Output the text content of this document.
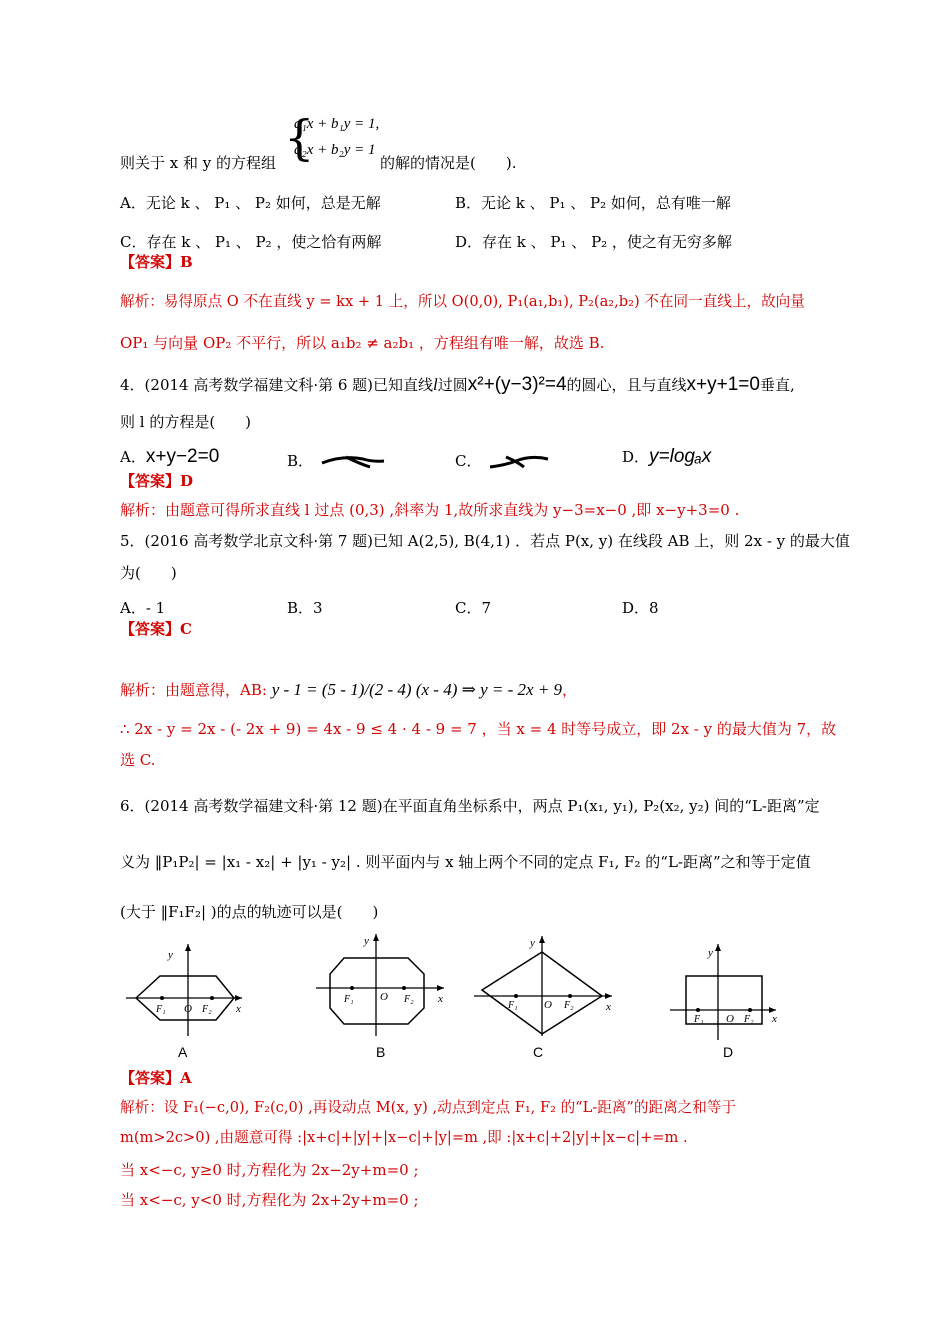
{
a₁x + b₁y = 1,
a₂x + b₂y = 1
则关于 x 和 y 的方程组	的解的情况是(　　).
A．无论 k 、 P₁ 、 P₂ 如何，总是无解	B．无论 k 、 P₁ 、 P₂ 如何，总有唯一解
C．存在 k 、 P₁ 、 P₂ ，使之恰有两解	D．存在 k 、 P₁ 、 P₂ ，使之有无穷多解
【答案】B
解析：易得原点 O 不在直线 y = kx + 1 上，所以 O(0,0), P₁(a₁,b₁), P₂(a₂,b₂) 不在同一直线上，故向量
OP₁ 与向量 OP₂ 不平行，所以 a₁b₂ ≠ a₂b₁ ，方程组有唯一解，故选 B.
4．(2014 高考数学福建文科·第 6 题)已知直线l过圆x²+(y−3)²=4的圆心，且与直线x+y+1=0垂直,
则 l 的方程是(　　)
A．x+y−2=0	B．	C．	D．y=logₐx
【答案】D
解析：由题意可得所求直线 l 过点 (0,3) ,斜率为 1,故所求直线为 y−3=x−0 ,即 x−y+3=0 .
5．(2016 高考数学北京文科·第 7 题)已知 A(2,5), B(4,1) ．若点 P(x, y) 在线段 AB 上，则 2x - y 的最大值
为(　　)
A．- 1	B．3	C．7	D．8
【答案】C
解析：由题意得，AB: y - 1 = (5 - 1)/(2 - 4) (x - 4) ⇒ y = - 2x + 9，
∴ 2x - y = 2x - (- 2x + 9) = 4x - 9 ≤ 4 · 4 - 9 = 7 ，当 x = 4 时等号成立，即 2x - y 的最大值为 7，故
选 C.
6．(2014 高考数学福建文科·第 12 题)在平面直角坐标系中，两点 P₁(x₁, y₁), P₂(x₂, y₂) 间的“L-距离”定
义为 ‖P₁P₂| = |x₁ - x₂| + |y₁ - y₂| . 则平面内与 x 轴上两个不同的定点 F₁, F₂ 的“L-距离”之和等于定值
(大于 ‖F₁F₂| )的点的轨迹可以是(　　)
y
x
O
F₁	F₂
A
y
x
O
F₁	F₂
B
y
x
O
F₁	F₂
C
y
x
O
F₁	F₂
D
【答案】A
解析：设 F₁(−c,0), F₂(c,0) ,再设动点 M(x, y) ,动点到定点 F₁, F₂ 的“L-距离”的距离之和等于
m(m>2c>0) ,由题意可得 :|x+c|+|y|+|x−c|+|y|=m ,即 :|x+c|+2|y|+|x−c|+=m .
当 x<−c, y≥0 时,方程化为 2x−2y+m=0 ;
当 x<−c, y<0 时,方程化为 2x+2y+m=0 ;
